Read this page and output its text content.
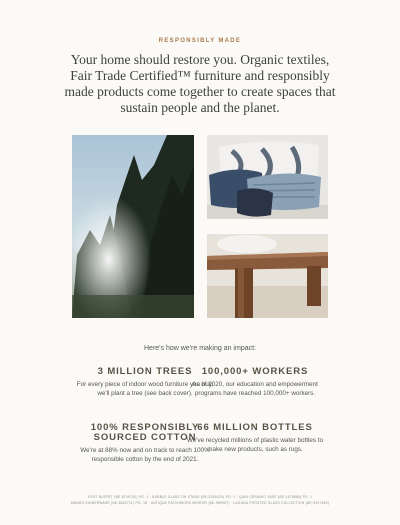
RESPONSIBLY MADE
Your home should restore you. Organic textiles, Fair Trade Certified™ furniture and responsibly made products come together to create spaces that sustain people and the planet.
Here's how we're making an impact:
3 MILLION TREES
For every piece of indoor wood furniture you buy, we'll plant a tree (see back cover).
100,000+ WORKERS
As of 2020, our education and empowerment programs have reached 100,000+ workers.
100% RESPONSIBLY SOURCED COTTON
We're at 88% now and on track to reach 100% responsible cotton by the end of 2021.
66 MILLION BOTTLES
We've recycled millions of plastic water bottles to make new products, such as rugs.
FOOT BUFFET (BE-8749700) PG. 1 · BUBBLE GLASS ON STAND (BE-3265420) PG. 1 · QUIN CERAMIC VASE (BE-1678888) PG. 1
MANOR DINNERWARE (BE-8650711) PG. 18 · ANTIQUE PATCHWORK MIRROR (BE-989957) · LAGUNA FROSTED GLASS COLLECTION (BE-9937845)
